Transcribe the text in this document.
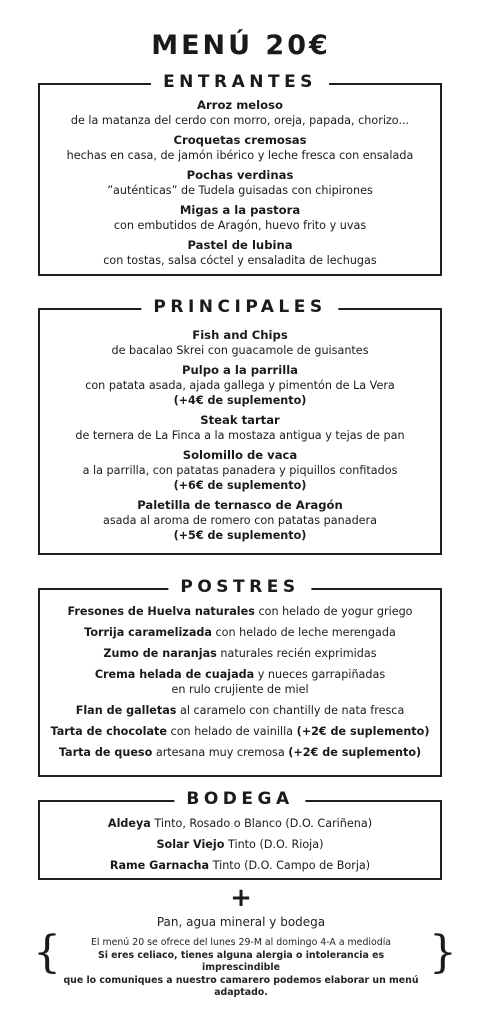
MENÚ 20€
ENTRANTES
Arroz meloso
de la matanza del cerdo con morro, oreja, papada, chorizo...
Croquetas cremosas
hechas en casa, de jamón ibérico y leche fresca con ensalada
Pochas verdinas
”auténticas” de Tudela guisadas con chipirones
Migas a la pastora
con embutidos de Aragón, huevo frito y uvas
Pastel de lubina
con tostas, salsa cóctel y ensaladita de lechugas
PRINCIPALES
Fish and Chips
de bacalao Skrei con guacamole de guisantes
Pulpo a la parrilla
con patata asada, ajada gallega y pimentón de La Vera
(+4€ de suplemento)
Steak tartar
de ternera de La Finca a la mostaza antigua y tejas de pan
Solomillo de vaca
a la parrilla, con patatas panadera y piquillos confitados
(+6€ de suplemento)
Paletilla de ternasco de Aragón
asada al aroma de romero con patatas panadera
(+5€ de suplemento)
POSTRES
Fresones de Huelva naturales con helado de yogur griego
Torrija caramelizada con helado de leche merengada
Zumo de naranjas naturales recién exprimidas
Crema helada de cuajada y nueces garrapiñadas
en rulo crujiente de miel
Flan de galletas al caramelo con chantilly de nata fresca
Tarta de chocolate con helado de vainilla (+2€ de suplemento)
Tarta de queso artesana muy cremosa (+2€ de suplemento)
BODEGA
Aldeya Tinto, Rosado o Blanco (D.O. Cariñena)
Solar Viejo Tinto (D.O. Rioja)
Rame Garnacha Tinto (D.O. Campo de Borja)
+
Pan, agua mineral y bodega
{	El menú 20 se ofrece del lunes 29-M al domingo 4-A a mediodía
Si eres celiaco, tienes alguna alergia o intolerancia es imprescindible
que lo comuniques a nuestro camarero podemos elaborar un menú adaptado.
}
